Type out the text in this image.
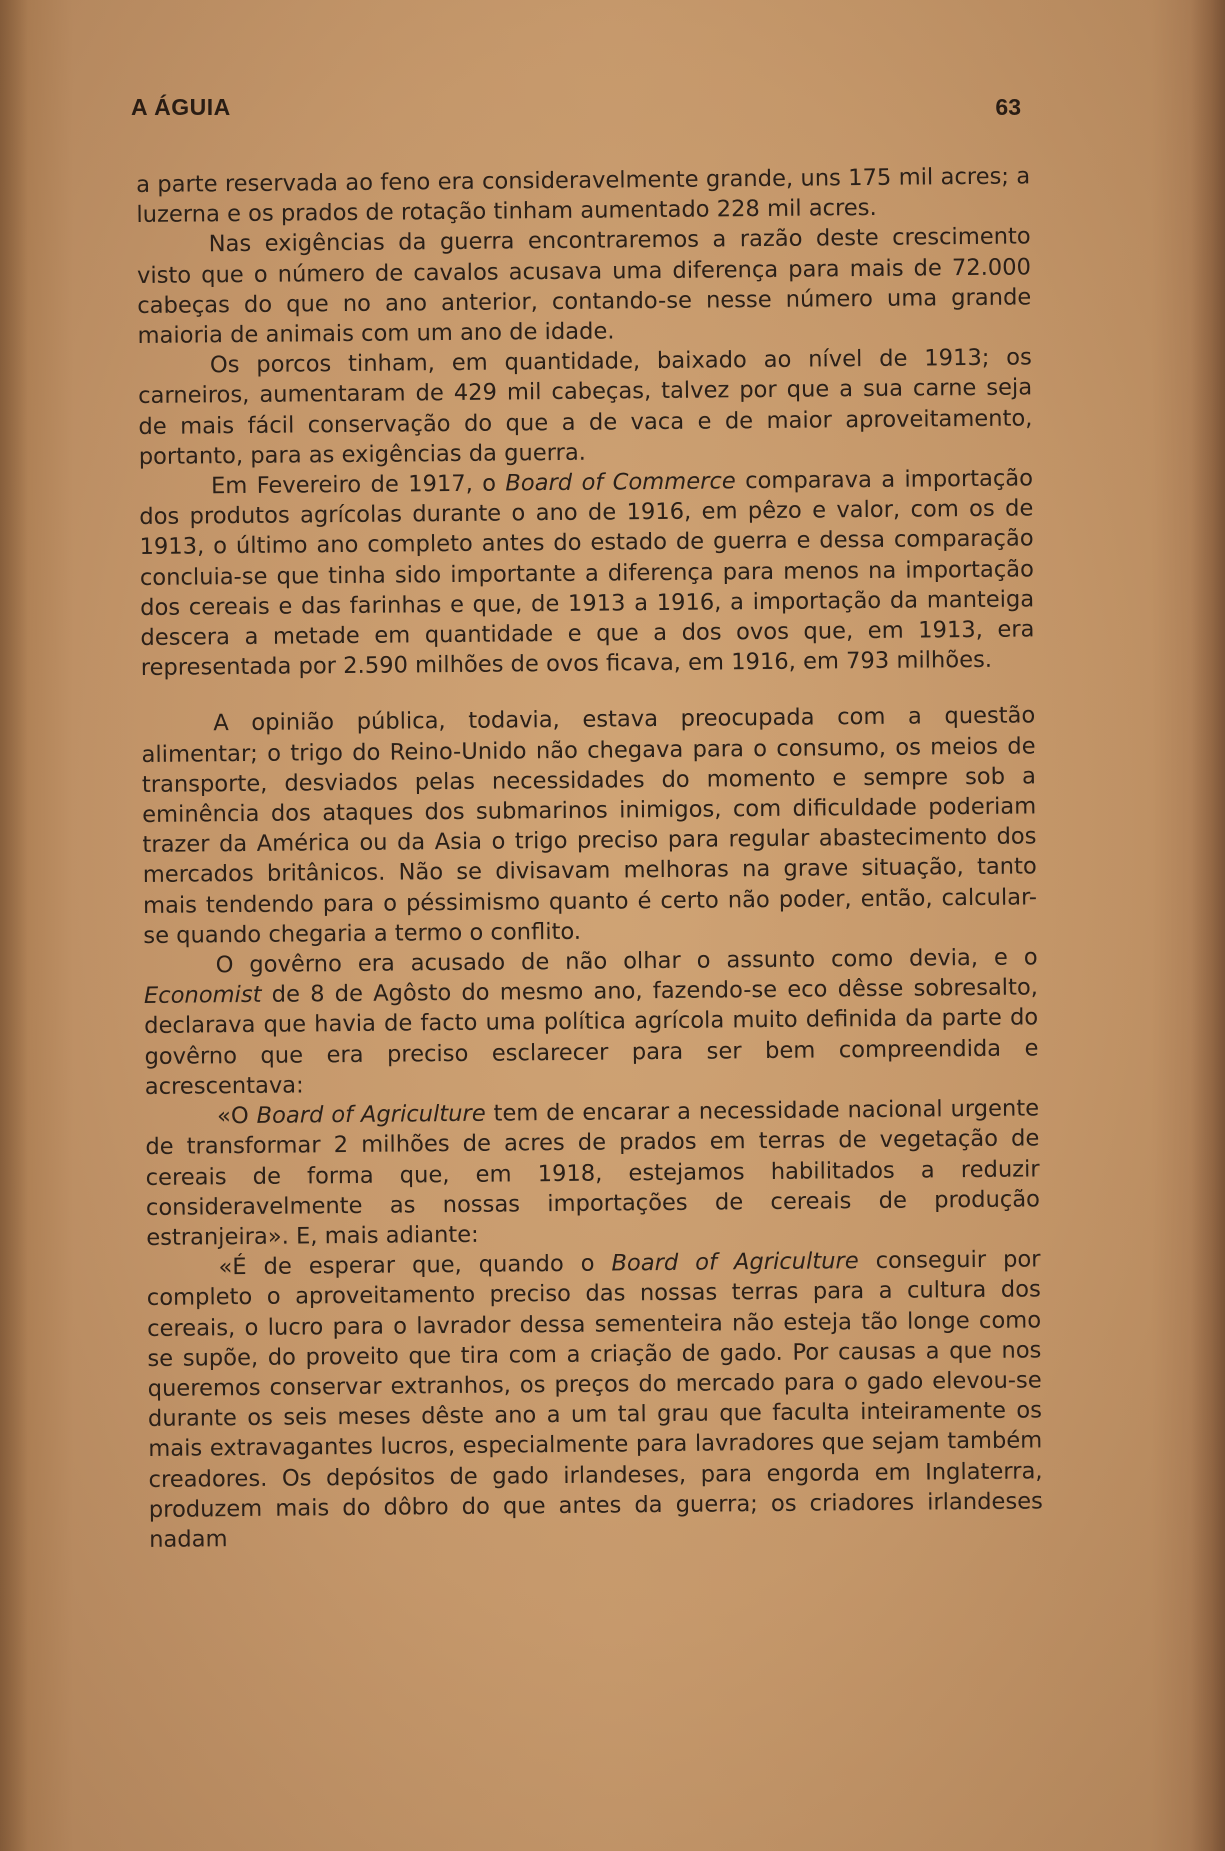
A ÁGUIA	63

a parte reservada ao feno era consideravelmente grande, uns 175 mil acres; a luzerna e os prados de rotação tinham aumentado 228 mil acres.

Nas exigências da guerra encontraremos a razão deste crescimento visto que o número de cavalos acusava uma diferença para mais de 72.000 cabeças do que no ano anterior, contando-se nesse número uma grande maioria de animais com um ano de idade.

Os porcos tinham, em quantidade, baixado ao nível de 1913; os carneiros, aumentaram de 429 mil cabeças, talvez por que a sua carne seja de mais fácil conservação do que a de vaca e de maior aproveitamento, portanto, para as exigências da guerra.

Em Fevereiro de 1917, o Board of Commerce comparava a importação dos produtos agrícolas durante o ano de 1916, em pêzo e valor, com os de 1913, o último ano completo antes do estado de guerra e dessa comparação concluia-se que tinha sido importante a diferença para menos na importação dos cereais e das farinhas e que, de 1913 a 1916, a importação da manteiga descera a metade em quantidade e que a dos ovos que, em 1913, era representada por 2.590 milhões de ovos ficava, em 1916, em 793 milhões.

A opinião pública, todavia, estava preocupada com a questão alimentar; o trigo do Reino-Unido não chegava para o consumo, os meios de transporte, desviados pelas necessidades do momento e sempre sob a eminência dos ataques dos submarinos inimigos, com dificuldade poderiam trazer da América ou da Asia o trigo preciso para regular abastecimento dos mercados britânicos. Não se divisavam melhoras na grave situação, tanto mais tendendo para o péssimismo quanto é certo não poder, então, calcular-se quando chegaria a termo o conflito.

O govêrno era acusado de não olhar o assunto como devia, e o Economist de 8 de Agôsto do mesmo ano, fazendo-se eco dêsse sobresalto, declarava que havia de facto uma política agrícola muito definida da parte do govêrno que era preciso esclarecer para ser bem compreendida e acrescentava:

«O Board of Agriculture tem de encarar a necessidade nacional urgente de transformar 2 milhões de acres de prados em terras de vegetação de cereais de forma que, em 1918, estejamos habilitados a reduzir consideravelmente as nossas importações de cereais de produção estranjeira». E, mais adiante:

«É de esperar que, quando o Board of Agriculture conseguir por completo o aproveitamento preciso das nossas terras para a cultura dos cereais, o lucro para o lavrador dessa sementeira não esteja tão longe como se supõe, do proveito que tira com a criação de gado. Por causas a que nos queremos conservar extranhos, os preços do mercado para o gado elevou-se durante os seis meses dêste ano a um tal grau que faculta inteiramente os mais extravagantes lucros, especialmente para lavradores que sejam também creadores. Os depósitos de gado irlandeses, para engorda em Inglaterra, produzem mais do dôbro do que antes da guerra; os criadores irlandeses nadam
